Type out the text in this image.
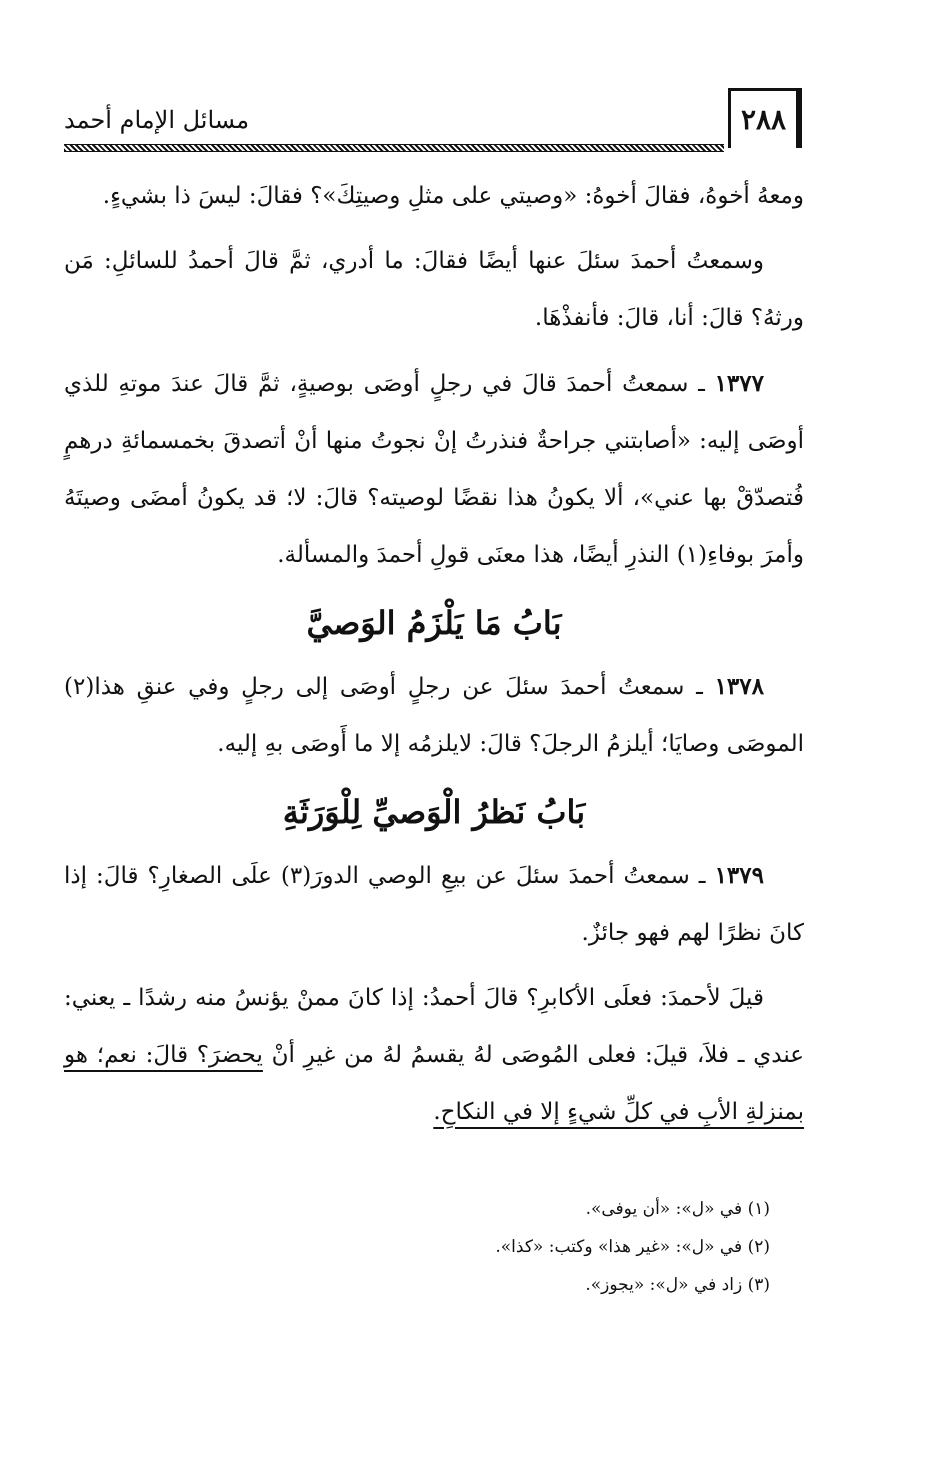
٢٨٨
مسائل الإمام أحمد

ومعهُ أخوهُ، فقالَ أخوهُ: «وصيتي على مثلِ وصيتِكَ»؟ فقالَ: ليسَ ذا بشيءٍ.

وسمعتُ أحمدَ سئلَ عنها أيضًا فقالَ: ما أدري، ثمَّ قالَ أحمدُ للسائلِ: مَن ورثهُ؟ قالَ: أنا، قالَ: فأنفذْهَا.

١٣٧٧ ـ سمعتُ أحمدَ قالَ في رجلٍ أوصَى بوصيةٍ، ثمَّ قالَ عندَ موتهِ للذي أوصَى إليه: «أصابتني جراحةٌ فنذرتُ إنْ نجوتُ منها أنْ أتصدقَ بخمسمائةِ درهمٍ فُتصدّقْ بها عني»، ألا يكونُ هذا نقضًا لوصيته؟ قالَ: لا؛ قد يكونُ أمضَى وصيتَهُ وأمرَ بوفاءِ(١) النذرِ أيضًا، هذا معنَى قولِ أحمدَ والمسألة.

بَابُ مَا يَلْزَمُ الوَصيَّ

١٣٧٨ ـ سمعتُ أحمدَ سئلَ عن رجلٍ أوصَى إلى رجلٍ وفي عنقِ هذا(٢) الموصَى وصايَا؛ أيلزمُ الرجلَ؟ قالَ: لايلزمُه إلا ما أَوصَى بهِ إليه.

بَابُ نَظرُ الْوَصيِّ لِلْوَرَثَةِ

١٣٧٩ ـ سمعتُ أحمدَ سئلَ عن بيعِ الوصي الدورَ(٣) علَى الصغارِ؟ قالَ: إذا كانَ نظرًا لهم فهو جائزٌ.

قيلَ لأحمدَ: فعلَى الأكابرِ؟ قالَ أحمدُ: إذا كانَ ممنْ يؤنسُ منه رشدًا ـ يعني: عندي ـ فلاَ، قيلَ: فعلى المُوصَى لهُ يقسمُ لهُ من غيرِ أنْ يحضرَ؟ قالَ: نعم؛ هو بمنزلةِ الأبِ في كلِّ شيءٍ إلا في النكاحِ.

(١) في «ل»: «أن يوفى».
(٢) في «ل»: «غير هذا» وكتب: «كذا».
(٣) زاد في «ل»: «يجوز».
